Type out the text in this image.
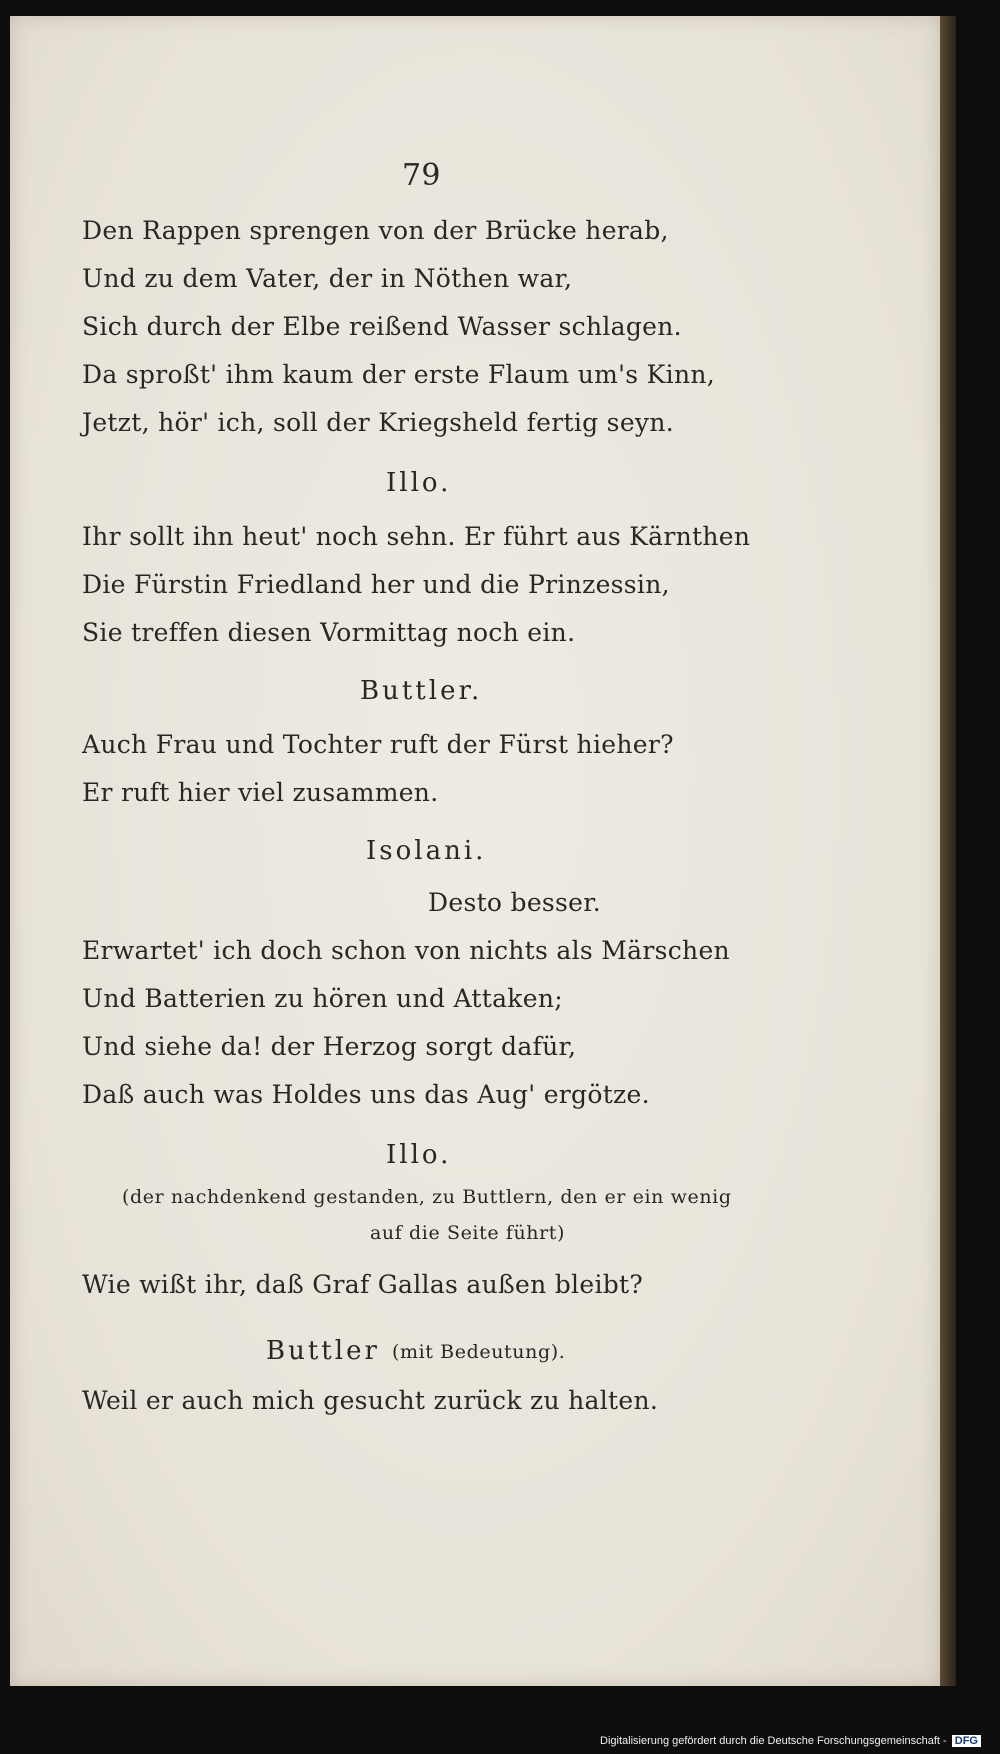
79
Den Rappen sprengen von der Brücke herab,
Und zu dem Vater, der in Nöthen war,
Sich durch der Elbe reißend Wasser schlagen.
Da sproßt' ihm kaum der erste Flaum um's Kinn,
Jetzt, hör' ich, soll der Kriegsheld fertig seyn.
Illo.
Ihr sollt ihn heut' noch sehn. Er führt aus Kärnthen
Die Fürstin Friedland her und die Prinzessin,
Sie treffen diesen Vormittag noch ein.
Buttler.
Auch Frau und Tochter ruft der Fürst hieher?
Er ruft hier viel zusammen.
Isolani.
Desto besser.
Erwartet' ich doch schon von nichts als Märschen
Und Batterien zu hören und Attaken;
Und siehe da! der Herzog sorgt dafür,
Daß auch was Holdes uns das Aug' ergötze.
Illo.
(der nachdenkend gestanden, zu Buttlern, den er ein wenig
auf die Seite führt)
Wie wißt ihr, daß Graf Gallas außen bleibt?
Buttler (mit Bedeutung).
Weil er auch mich gesucht zurück zu halten.
Digitalisierung gefördert durch die Deutsche Forschungsgemeinschaft - DFG
